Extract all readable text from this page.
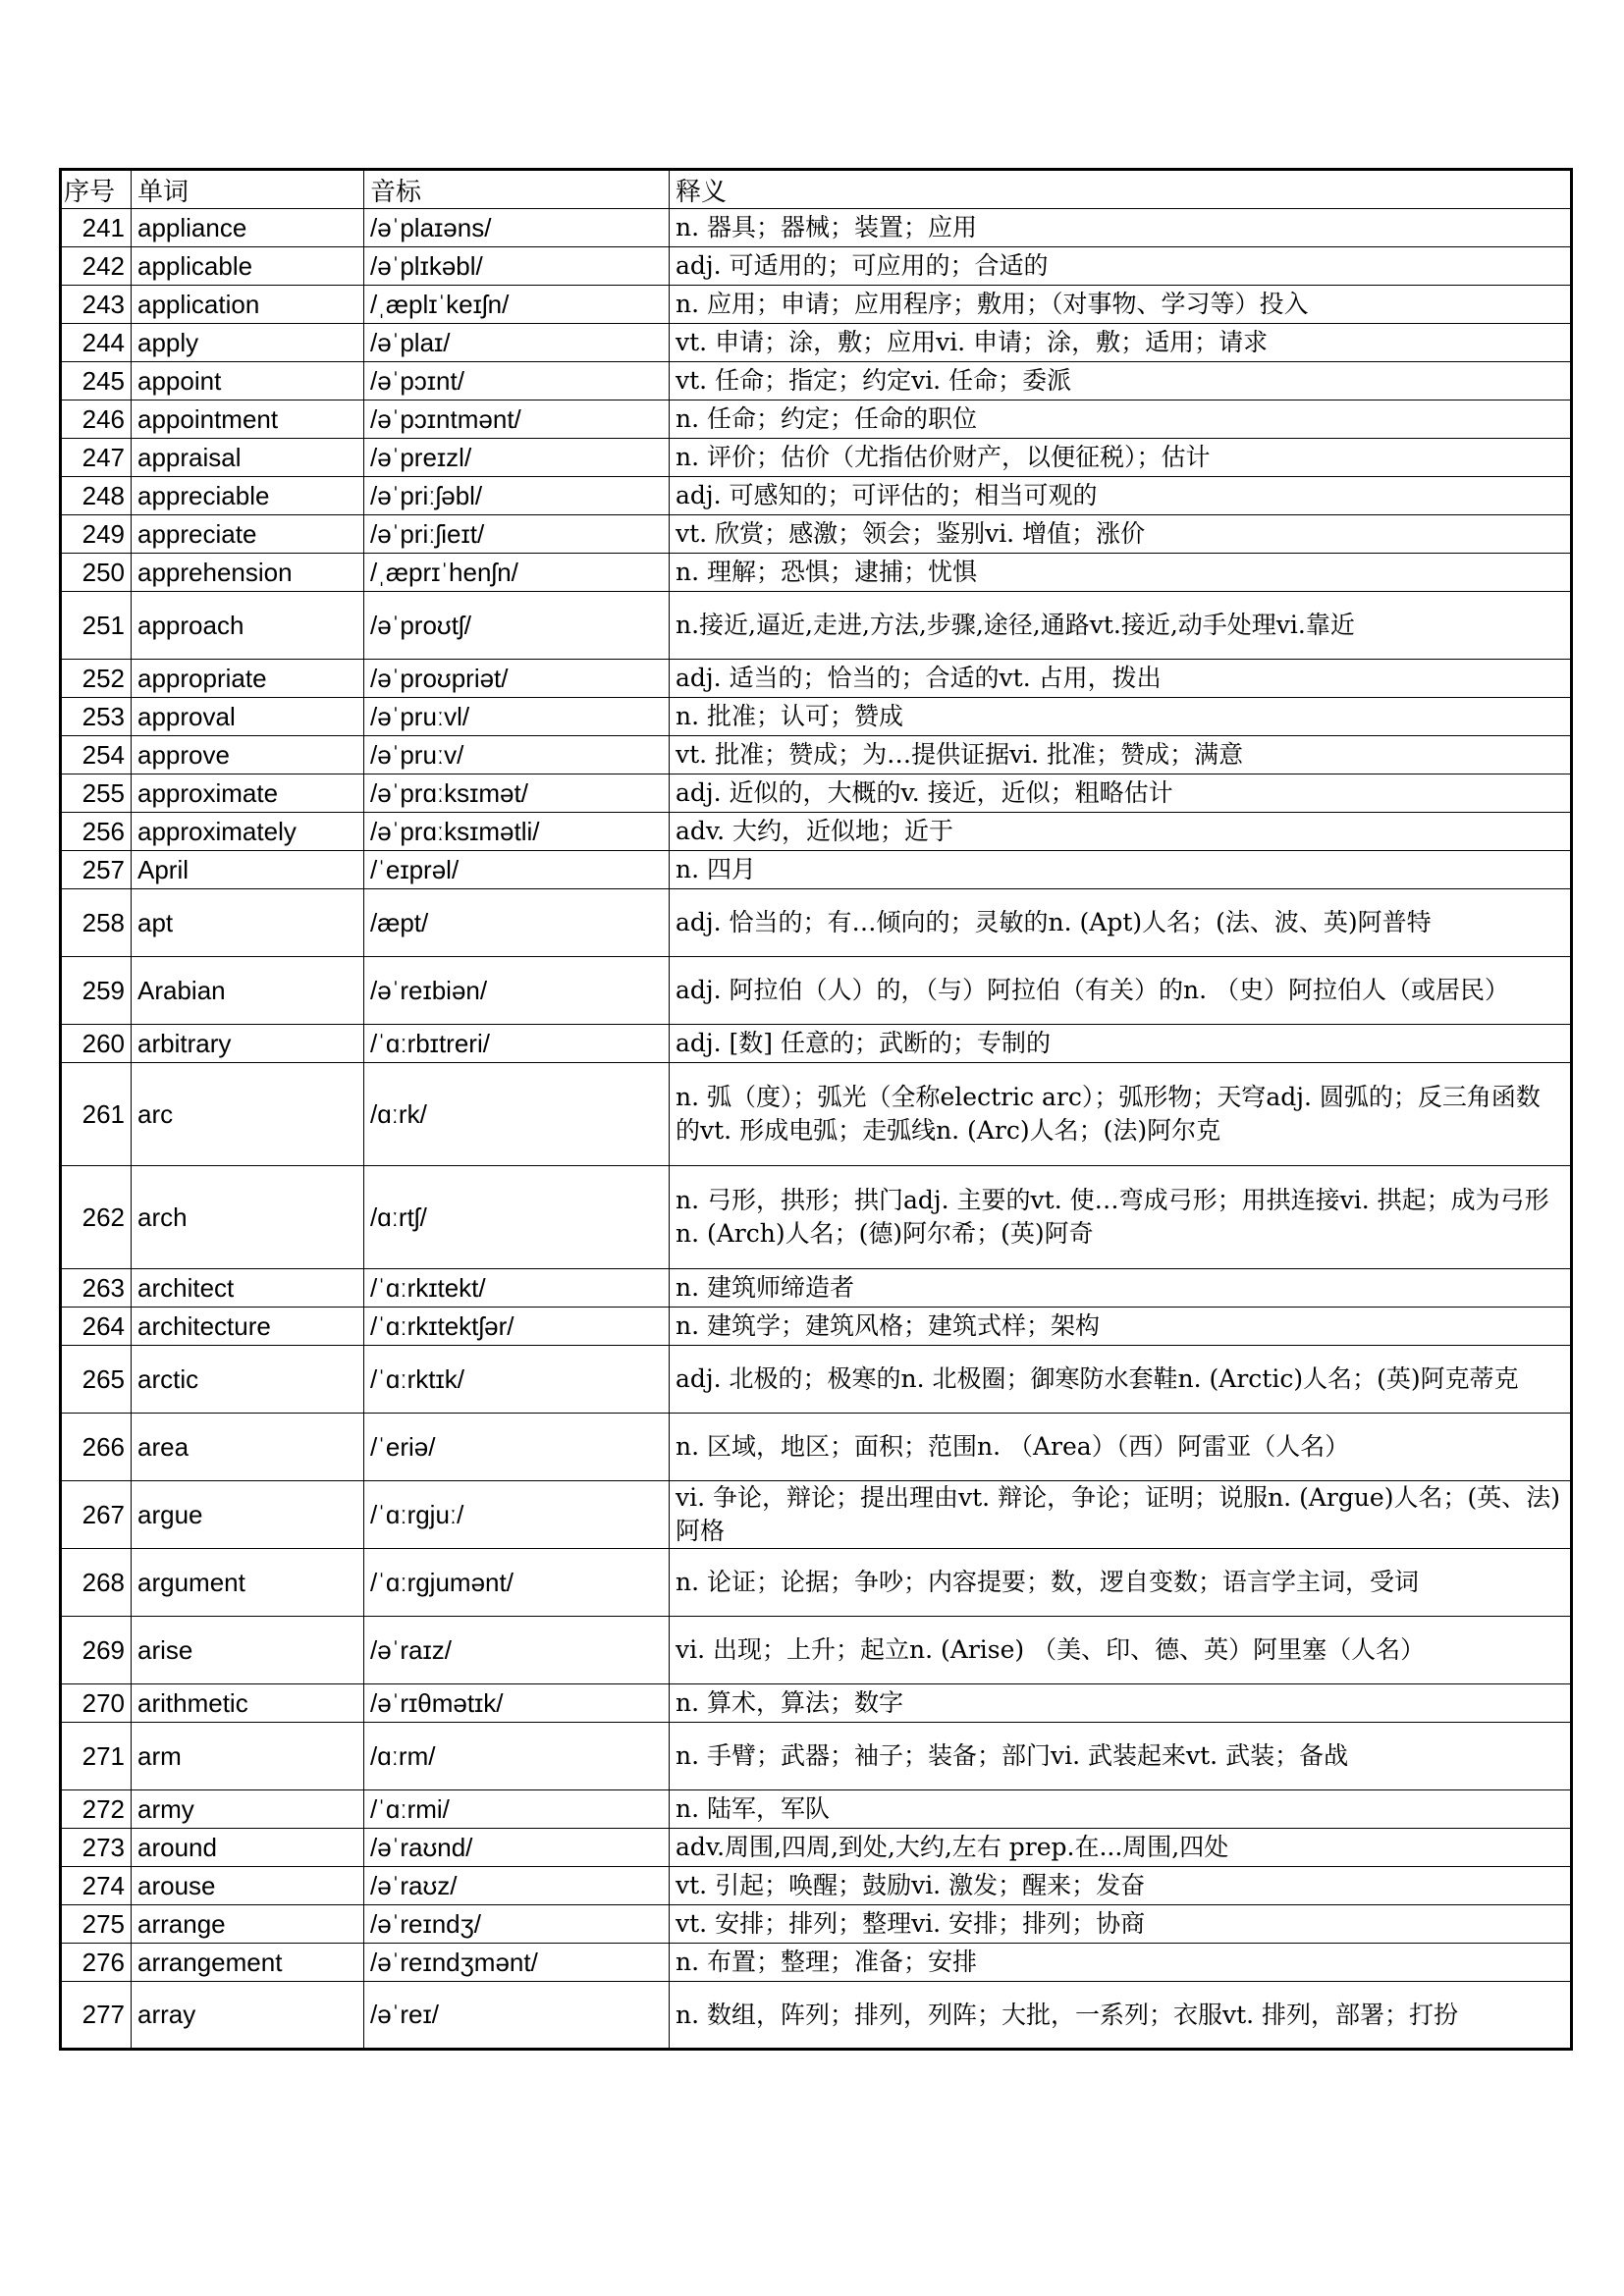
序号	单词	音标	释义
241	appliance	/əˈplaɪəns/	n. 器具；器械；装置；应用
242	applicable	/əˈplɪkəbl/	adj. 可适用的；可应用的；合适的
243	application	/ˌæplɪˈkeɪʃn/	n. 应用；申请；应用程序；敷用；（对事物、学习等）投入
244	apply	/əˈplaɪ/	vt. 申请；涂，敷；应用vi. 申请；涂，敷；适用；请求
245	appoint	/əˈpɔɪnt/	vt. 任命；指定；约定vi. 任命；委派
246	appointment	/əˈpɔɪntmənt/	n. 任命；约定；任命的职位
247	appraisal	/əˈpreɪzl/	n. 评价；估价（尤指估价财产，以便征税）；估计
248	appreciable	/əˈpriːʃəbl/	adj. 可感知的；可评估的；相当可观的
249	appreciate	/əˈpriːʃieɪt/	vt. 欣赏；感激；领会；鉴别vi. 增值；涨价
250	apprehension	/ˌæprɪˈhenʃn/	n. 理解；恐惧；逮捕；忧惧
251	approach	/əˈproʊtʃ/	n.接近,逼近,走进,方法,步骤,途径,通路vt.接近,动手处理vi.靠近
252	appropriate	/əˈproʊpriət/	adj. 适当的；恰当的；合适的vt. 占用，拨出
253	approval	/əˈpruːvl/	n. 批准；认可；赞成
254	approve	/əˈpruːv/	vt. 批准；赞成；为…提供证据vi. 批准；赞成；满意
255	approximate	/əˈprɑːksɪmət/	adj. 近似的，大概的v. 接近，近似；粗略估计
256	approximately	/əˈprɑːksɪmətli/	adv. 大约，近似地；近于
257	April	/ˈeɪprəl/	n. 四月
258	apt	/æpt/	adj. 恰当的；有…倾向的；灵敏的n. (Apt)人名；(法、波、英)阿普特
259	Arabian	/əˈreɪbiən/	adj. 阿拉伯（人）的，（与）阿拉伯（有关）的n. （史）阿拉伯人（或居民）
260	arbitrary	/ˈɑːrbɪtreri/	adj. [数] 任意的；武断的；专制的
261	arc	/ɑːrk/	n. 弧（度）；弧光（全称electric arc）；弧形物；天穹adj. 圆弧的；反三角函数的vt. 形成电弧；走弧线n. (Arc)人名；(法)阿尔克
262	arch	/ɑːrtʃ/	n. 弓形，拱形；拱门adj. 主要的vt. 使…弯成弓形；用拱连接vi. 拱起；成为弓形n. (Arch)人名；(德)阿尔希；(英)阿奇
263	architect	/ˈɑːrkɪtekt/	n. 建筑师缔造者
264	architecture	/ˈɑːrkɪtektʃər/	n. 建筑学；建筑风格；建筑式样；架构
265	arctic	/ˈɑːrktɪk/	adj. 北极的；极寒的n. 北极圈；御寒防水套鞋n. (Arctic)人名；(英)阿克蒂克
266	area	/ˈeriə/	n. 区域，地区；面积；范围n. （Area）（西）阿雷亚（人名）
267	argue	/ˈɑːrgjuː/	vi. 争论，辩论；提出理由vt. 辩论，争论；证明；说服n. (Argue)人名；(英、法)阿格
268	argument	/ˈɑːrgjumənt/	n. 论证；论据；争吵；内容提要；数，逻自变数；语言学主词，受词
269	arise	/əˈraɪz/	vi. 出现；上升；起立n. (Arise) （美、印、德、英）阿里塞（人名）
270	arithmetic	/əˈrɪθmətɪk/	n. 算术，算法；数字
271	arm	/ɑːrm/	n. 手臂；武器；袖子；装备；部门vi. 武装起来vt. 武装；备战
272	army	/ˈɑːrmi/	n. 陆军，军队
273	around	/əˈraʊnd/	adv.周围,四周,到处,大约,左右 prep.在...周围,四处
274	arouse	/əˈraʊz/	vt. 引起；唤醒；鼓励vi. 激发；醒来；发奋
275	arrange	/əˈreɪndʒ/	vt. 安排；排列；整理vi. 安排；排列；协商
276	arrangement	/əˈreɪndʒmənt/	n. 布置；整理；准备；安排
277	array	/əˈreɪ/	n. 数组，阵列；排列，列阵；大批，一系列；衣服vt. 排列，部署；打扮
